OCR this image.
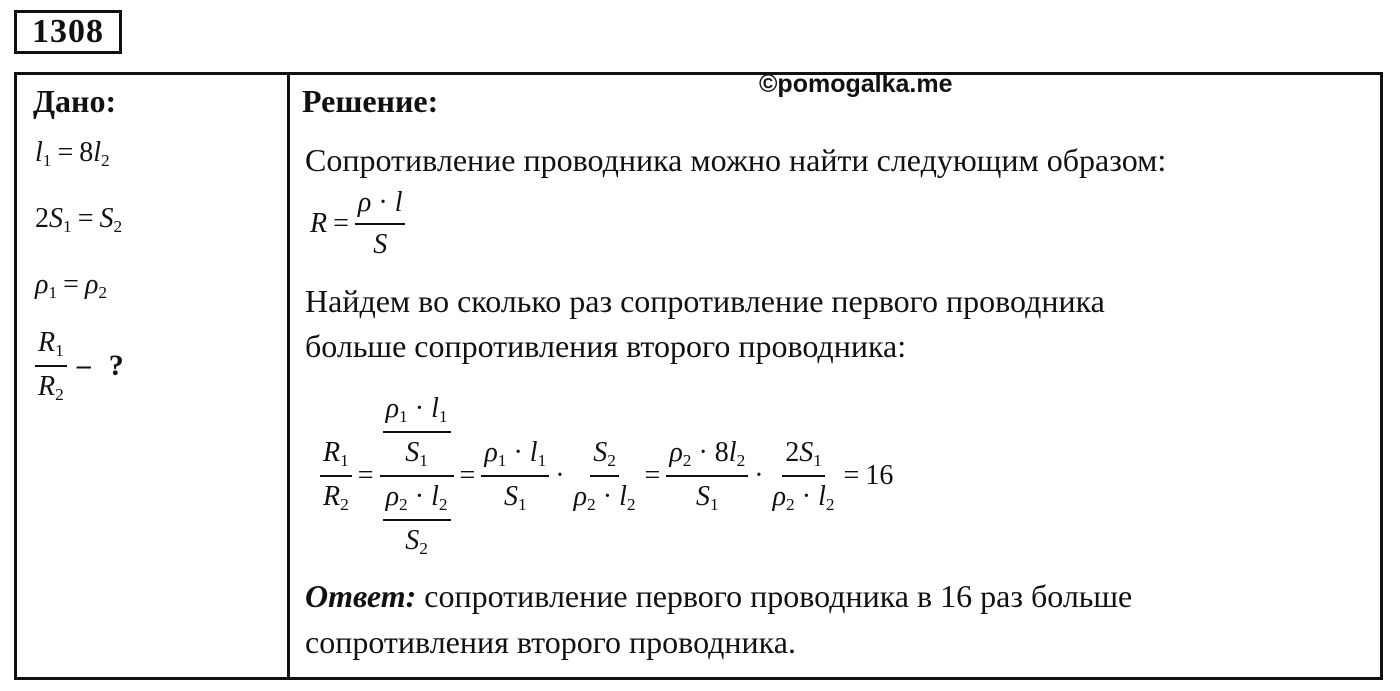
1308
Дано:
$l_1 = 8l_2$
$2S_1 = S_2$
$\rho_1 = \rho_2$
$\frac{R_1}{R_2}$ – ?
Решение:	©pomogalka.me
Сопротивление проводника можно найти следующим образом:
$R = \frac{\rho \cdot l}{S}$
Найдем во сколько раз сопротивление первого проводника
больше сопротивления второго проводника:
$\frac{R_1}{R_2} = \frac{\frac{\rho_1 \cdot l_1}{S_1}}{\frac{\rho_2 \cdot l_2}{S_2}} = \frac{\rho_1 \cdot l_1}{S_1} \cdot \frac{S_2}{\rho_2 \cdot l_2} = \frac{\rho_2 \cdot 8l_2}{S_1} \cdot \frac{2S_1}{\rho_2 \cdot l_2} = 16$
Ответ: сопротивление первого проводника в 16 раз больше
сопротивления второго проводника.
